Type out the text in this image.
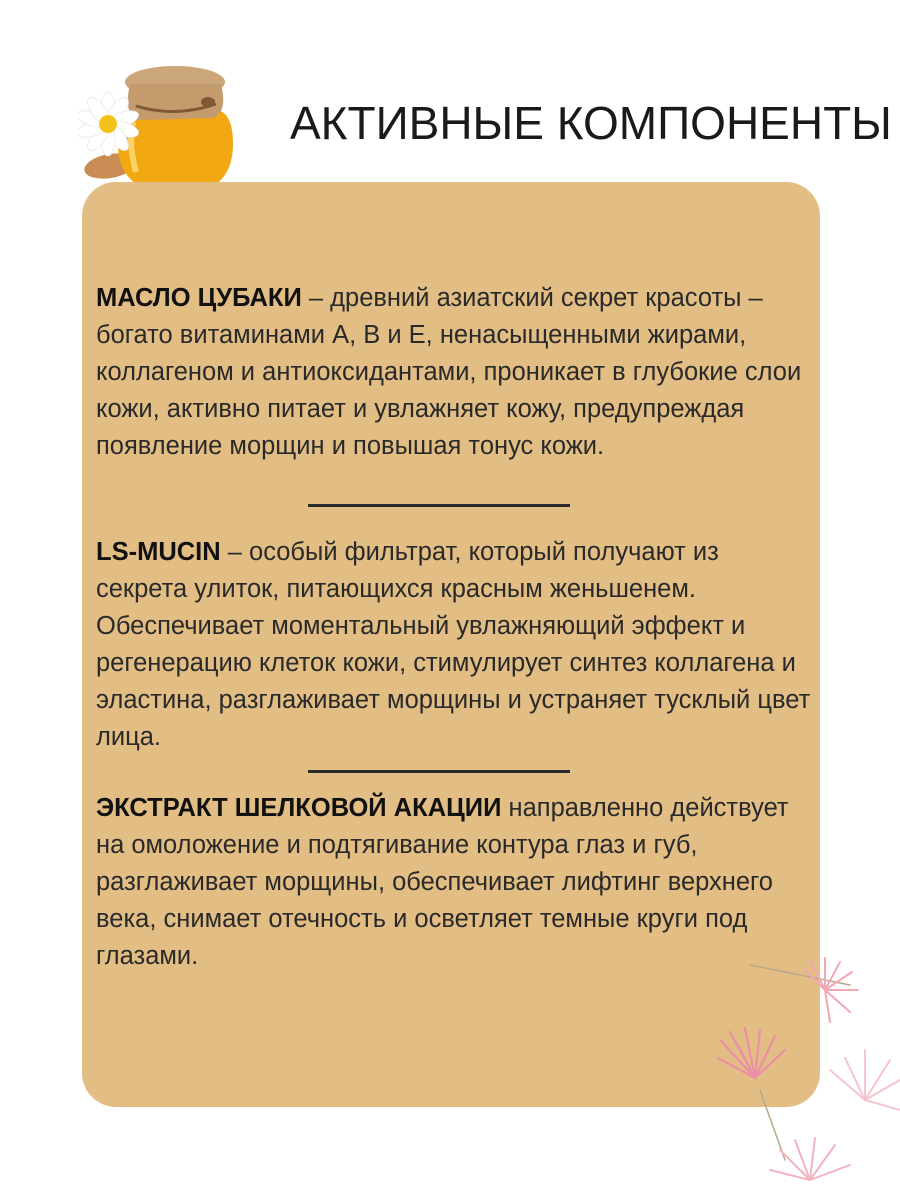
АКТИВНЫЕ КОМПОНЕНТЫ
МАСЛО ЦУБАКИ – древний азиатский секрет красоты – богато витаминами A, B и E, ненасыщенными жирами, коллагеном и антиоксидантами, проникает в глубокие слои кожи, активно питает и увлажняет кожу, предупреждая появление морщин и повышая тонус кожи.
LS-MUCIN – особый фильтрат, который получают из секрета улиток, питающихся красным женьшенем. Обеспечивает моментальный увлажняющий эффект и регенерацию клеток кожи, стимулирует синтез коллагена и эластина, разглаживает морщины и устраняет тусклый цвет лица.
ЭКСТРАКТ ШЕЛКОВОЙ АКАЦИИ направленно действует на омоложение и подтягивание контура глаз и губ, разглаживает морщины, обеспечивает лифтинг верхнего века, снимает отечность и осветляет темные круги под глазами.
